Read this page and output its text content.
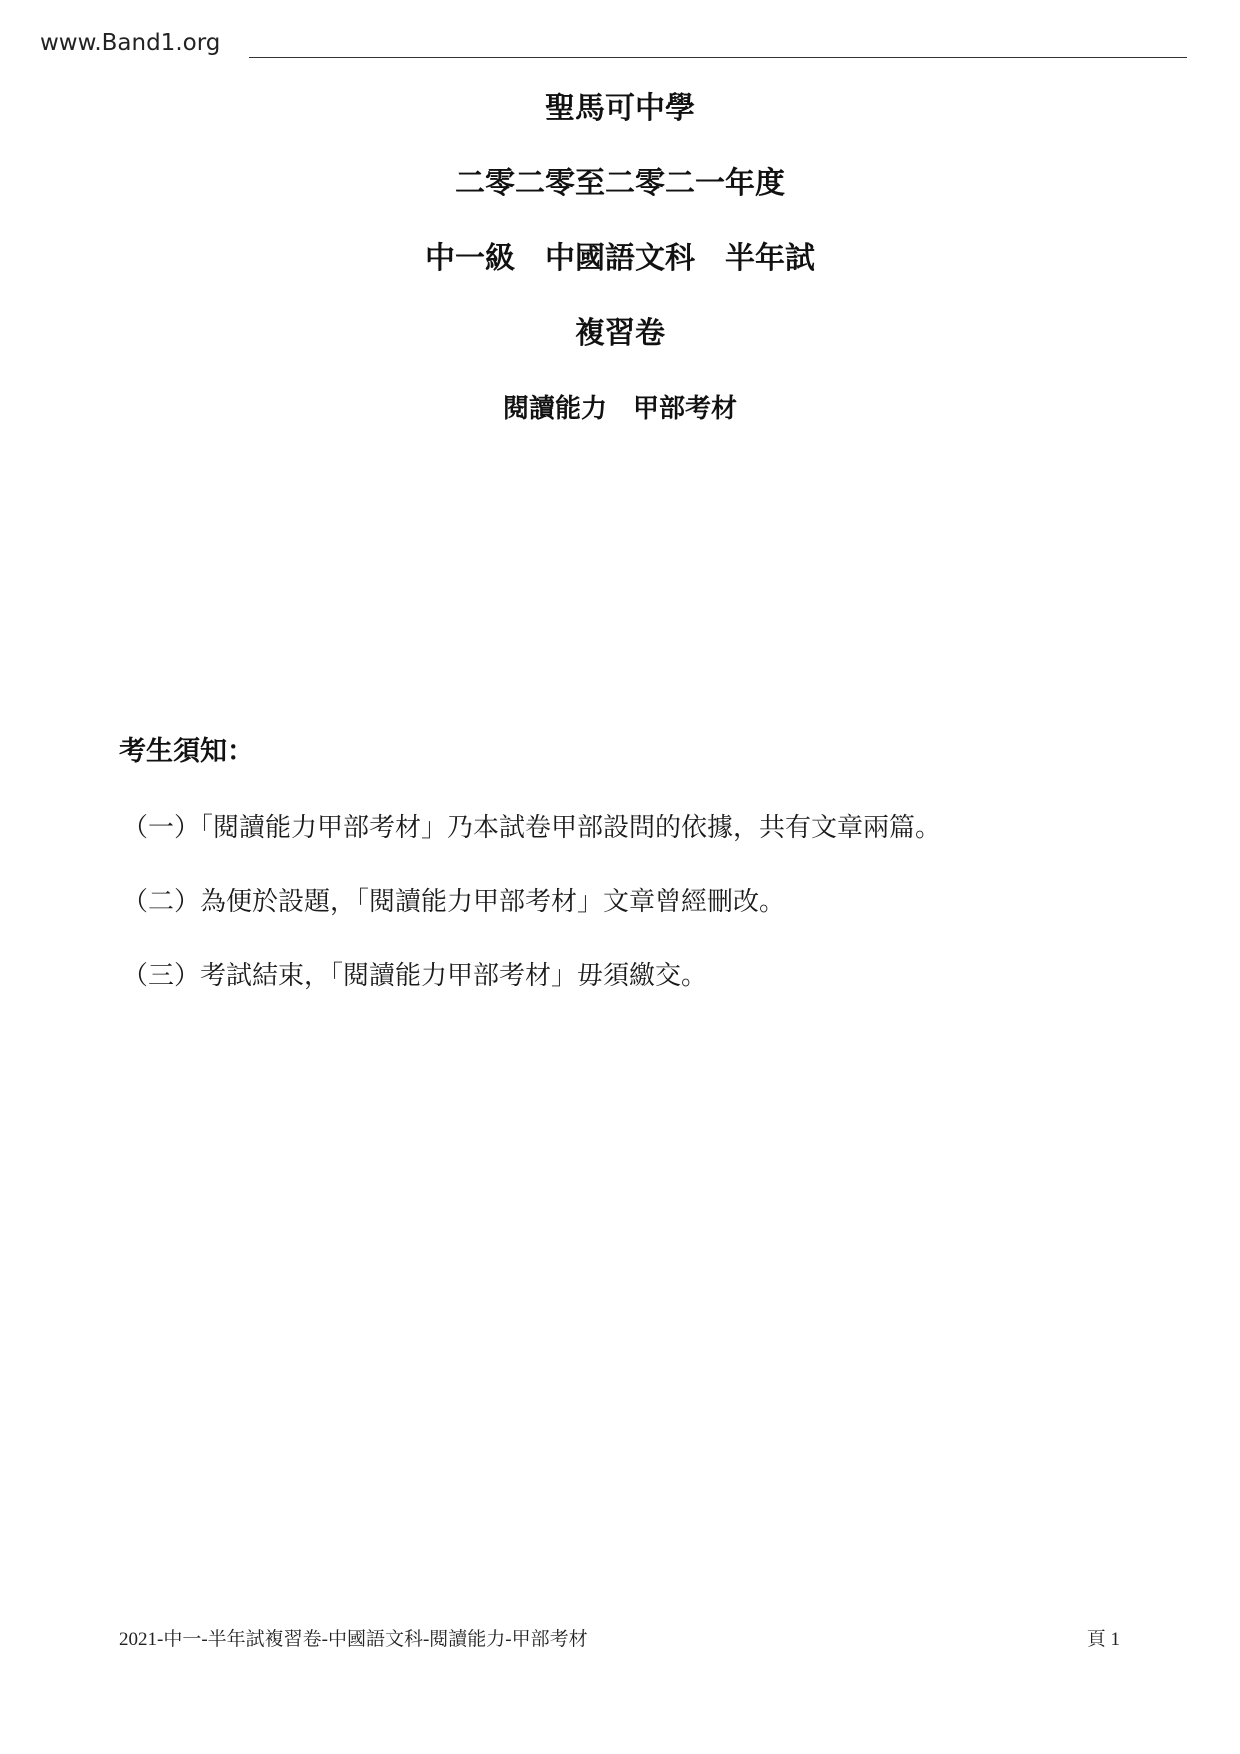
www.Band1.org
聖馬可中學
二零二零至二零二一年度
中一級　中國語文科　半年試
複習卷
閱讀能力　甲部考材
考生須知：
（一）「閱讀能力甲部考材」乃本試卷甲部設問的依據，共有文章兩篇。
（二）為便於設題，「閱讀能力甲部考材」文章曾經刪改。
（三）考試結束，「閱讀能力甲部考材」毋須繳交。
2021-中一-半年試複習卷-中國語文科-閱讀能力-甲部考材	頁 1
